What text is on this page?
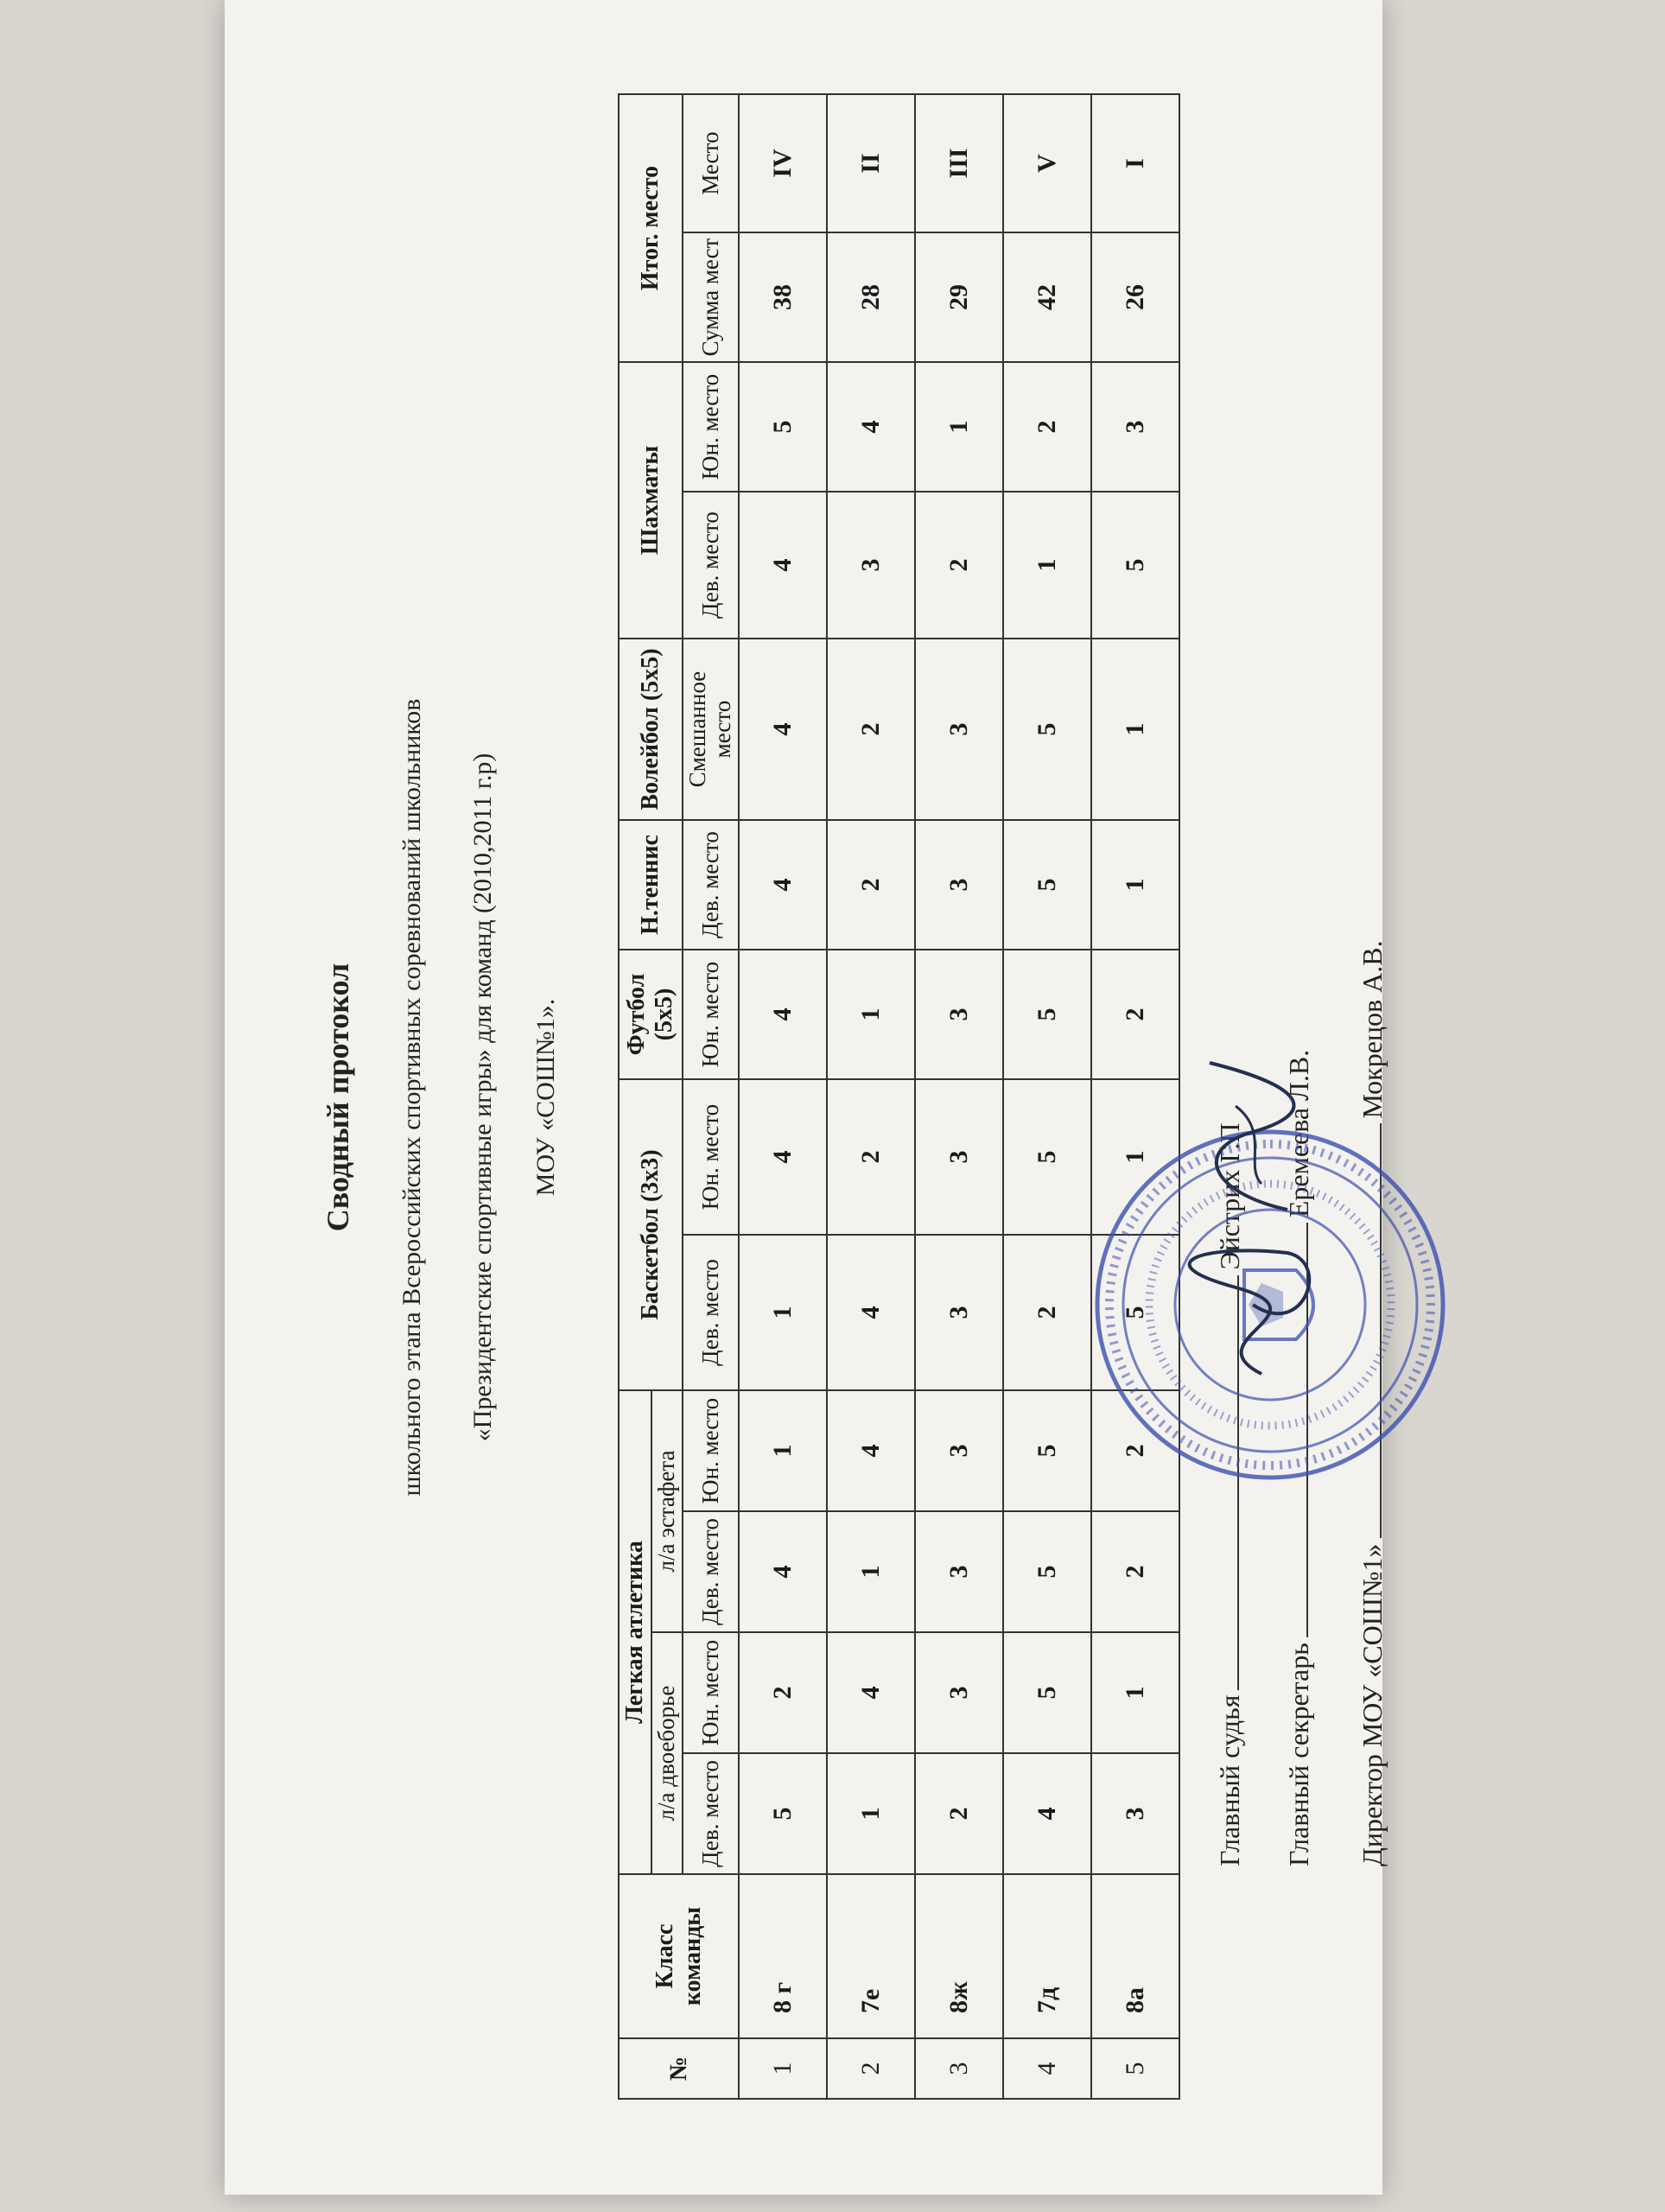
Сводный протокол школьного этапа Всероссийских спортивных соревнований школьников «Президентские спортивные игры» для команд (2010,2011 г.р) МОУ «СОШ№1».
№	Класс команды	Легкая атлетика				Баскетбол (3х3)		Футбол (5х5)	Н.теннис	Волейбол (5х5)	Шахматы		Итог. место	
		л/а двоеборье		л/а эстафета										
		Дев. место	Юн. место	Дев. место	Юн. место	Дев. место	Юн. место	Юн. место	Дев. место	Смешанное место	Дев. место	Юн. место	Сумма мест	Место
1	8 г	5	2	4	1	1	4	4	4	4	4	5	38	IV
2	7е	1	4	1	4	4	2	1	2	2	3	4	28	II
3	8ж	2	3	3	3	3	3	3	3	3	2	1	29	III
4	7д	4	5	5	5	2	5	5	5	5	1	2	42	V
5	8а	3	1	2	2	5	1	2	1	1	5	3	26	I
Главный судьяЭйстрих Г.П
Главный секретарьЕремеева Л.В.
Директор МОУ «СОШ№1»Мокрецов А.В.
